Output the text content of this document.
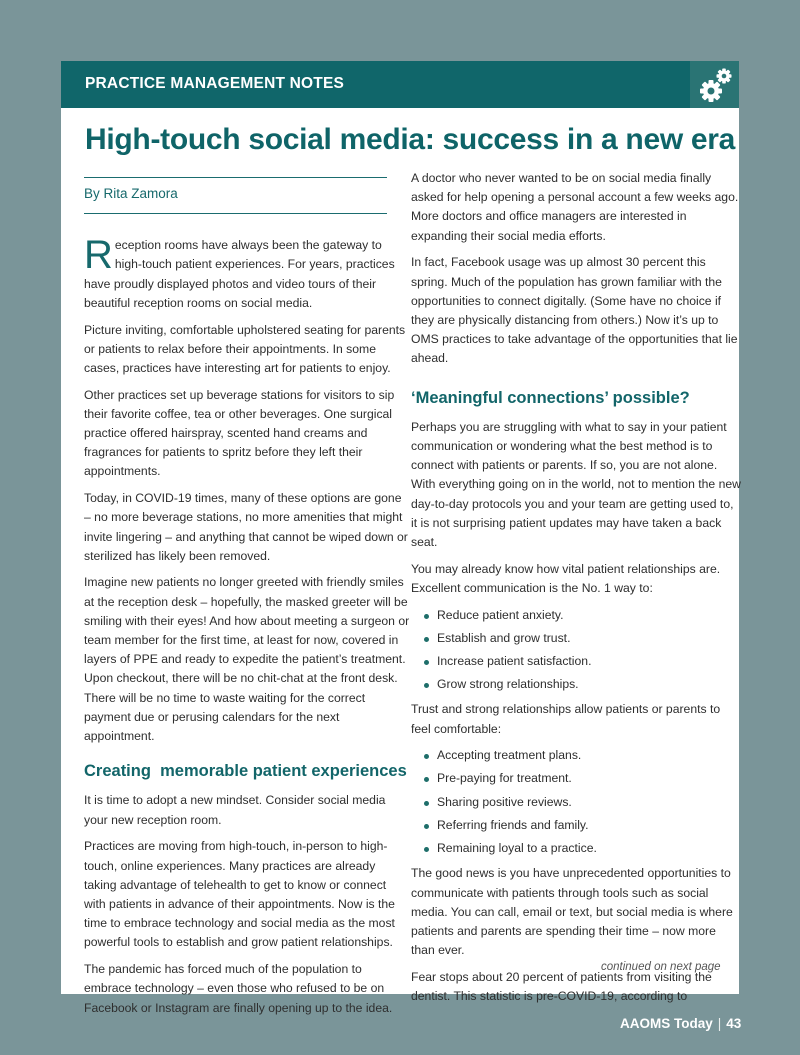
PRACTICE MANAGEMENT NOTES
High-touch social media: success in a new era
By Rita Zamora

Reception rooms have always been the gateway to high-touch patient experiences. For years, practices have proudly displayed photos and video tours of their beautiful reception rooms on social media.

Picture inviting, comfortable upholstered seating for parents or patients to relax before their appointments. In some cases, practices have interesting art for patients to enjoy.

Other practices set up beverage stations for visitors to sip their favorite coffee, tea or other beverages. One surgical practice offered hairspray, scented hand creams and fragrances for patients to spritz before they left their appointments.

Today, in COVID-19 times, many of these options are gone – no more beverage stations, no more amenities that might invite lingering – and anything that cannot be wiped down or sterilized has likely been removed.

Imagine new patients no longer greeted with friendly smiles at the reception desk – hopefully, the masked greeter will be smiling with their eyes! And how about meeting a surgeon or team member for the first time, at least for now, covered in layers of PPE and ready to expedite the patient’s treatment. Upon checkout, there will be no chit-chat at the front desk. There will be no time to waste waiting for the correct payment due or perusing calendars for the next appointment.

Creating  memorable patient experiences

It is time to adopt a new mindset. Consider social media your new reception room.

Practices are moving from high-touch, in-person to high-touch, online experiences. Many practices are already taking advantage of telehealth to get to know or connect with patients in advance of their appointments. Now is the time to embrace technology and social media as the most powerful tools to establish and grow patient relationships.

The pandemic has forced much of the population to embrace technology – even those who refused to be on Facebook or Instagram are finally opening up to the idea.

A doctor who never wanted to be on social media finally asked for help opening a personal account a few weeks ago. More doctors and office managers are interested in expanding their social media efforts.

In fact, Facebook usage was up almost 30 percent this spring. Much of the population has grown familiar with the opportunities to connect digitally. (Some have no choice if they are physically distancing from others.) Now it’s up to OMS practices to take advantage of the opportunities that lie ahead.

‘Meaningful connections’ possible?

Perhaps you are struggling with what to say in your patient communication or wondering what the best method is to connect with patients or parents. If so, you are not alone. With everything going on in the world, not to mention the new day-to-day protocols you and your team are getting used to, it is not surprising patient updates may have taken a back seat.

You may already know how vital patient relationships are. Excellent communication is the No. 1 way to:

Reduce patient anxiety.
Establish and grow trust.
Increase patient satisfaction.
Grow strong relationships.

Trust and strong relationships allow patients or parents to feel comfortable:

Accepting treatment plans.
Pre-paying for treatment.
Sharing positive reviews.
Referring friends and family.
Remaining loyal to a practice.

The good news is you have unprecedented opportunities to communicate with patients through tools such as social media. You can call, email or text, but social media is where patients and parents are spending their time – now more than ever.

Fear stops about 20 percent of patients from visiting the dentist. This statistic is pre-COVID-19, according to

continued on next page
AAOMS Today | 43
